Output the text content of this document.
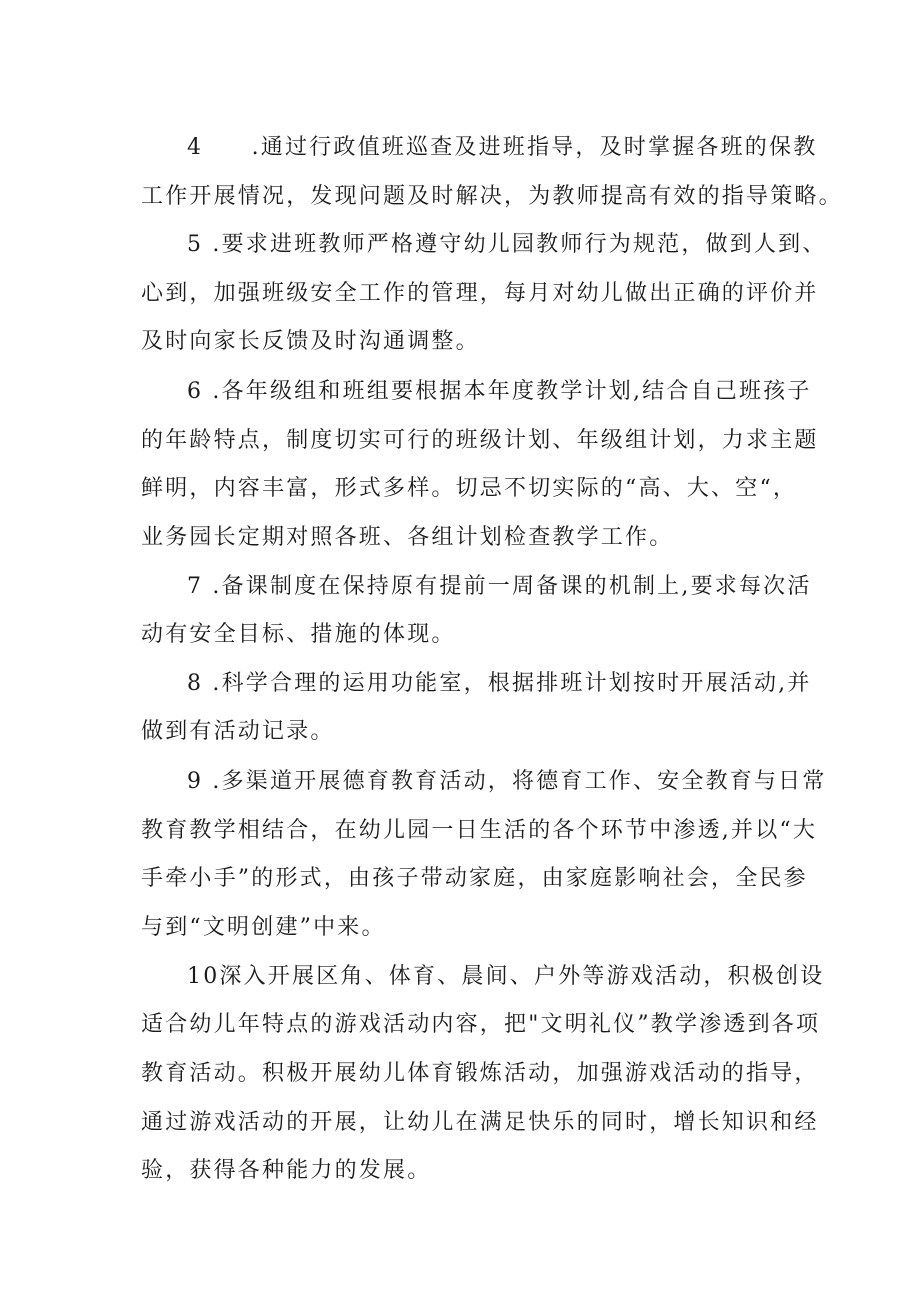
4　　.通过行政值班巡查及进班指导，及时掌握各班的保教
工作开展情况，发现问题及时解决，为教师提高有效的指导策略。
5 .要求进班教师严格遵守幼儿园教师行为规范，做到人到、
心到，加强班级安全工作的管理，每月对幼儿做出正确的评价并
及时向家长反馈及时沟通调整。
6 .各年级组和班组要根据本年度教学计划,结合自己班孩子
的年龄特点，制度切实可行的班级计划、年级组计划，力求主题
鲜明，内容丰富，形式多样。切忌不切实际的“高、大、空“，
业务园长定期对照各班、各组计划检查教学工作。
7 .备课制度在保持原有提前一周备课的机制上,要求每次活
动有安全目标、措施的体现。
8 .科学合理的运用功能室，根据排班计划按时开展活动,并
做到有活动记录。
9 .多渠道开展德育教育活动，将德育工作、安全教育与日常
教育教学相结合，在幼儿园一日生活的各个环节中渗透,并以“大
手牵小手”的形式，由孩子带动家庭，由家庭影响社会，全民参
与到“文明创建”中来。
10深入开展区角、体育、晨间、户外等游戏活动，积极创设
适合幼儿年特点的游戏活动内容，把"文明礼仪”教学渗透到各项
教育活动。积极开展幼儿体育锻炼活动，加强游戏活动的指导，
通过游戏活动的开展，让幼儿在满足快乐的同时，增长知识和经
验，获得各种能力的发展。
